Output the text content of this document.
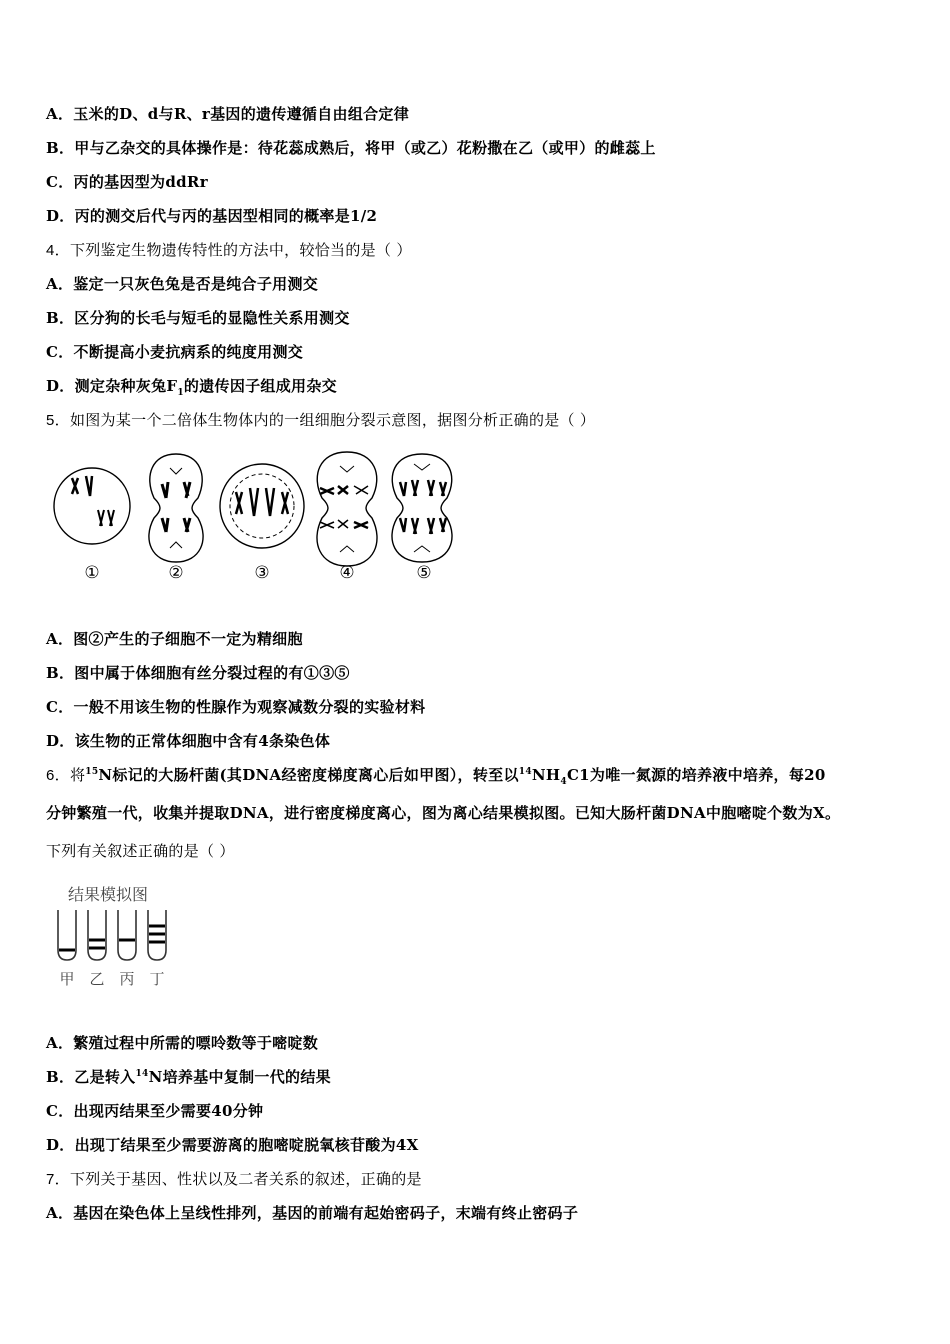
A．玉米的D、d与R、r基因的遗传遵循自由组合定律
B．甲与乙杂交的具体操作是：待花蕊成熟后，将甲（或乙）花粉撒在乙（或甲）的雌蕊上
C．丙的基因型为ddRr
D．丙的测交后代与丙的基因型相同的概率是1/2
4．下列鉴定生物遗传特性的方法中，较恰当的是（ ）
A．鉴定一只灰色兔是否是纯合子用测交
B．区分狗的长毛与短毛的显隐性关系用测交
C．不断提高小麦抗病系的纯度用测交
D．测定杂种灰兔$F_1$的遗传因子组成用杂交
5．如图为某一个二倍体生物体内的一组细胞分裂示意图，据图分析正确的是（ ）
①	②	③	④	⑤
A．图②产生的子细胞不一定为精细胞
B．图中属于体细胞有丝分裂过程的有①③⑤
C．一般不用该生物的性腺作为观察减数分裂的实验材料
D．该生物的正常体细胞中含有4条染色体
6．将$^{15}$N标记的大肠杆菌(其DNA经密度梯度离心后如甲图），转至以$^{14}NH_4C1$为唯一氮源的培养液中培养，每20
分钟繁殖一代，收集并提取DNA，进行密度梯度离心，图为离心结果模拟图。已知大肠杆菌DNA中胞嘧啶个数为X。
下列有关叙述正确的是（ ）
结果模拟图
甲 乙 丙 丁
A．繁殖过程中所需的嘌呤数等于嘧啶数
B．乙是转入$^{14}$N培养基中复制一代的结果
C．出现丙结果至少需要40分钟
D．出现丁结果至少需要游离的胞嘧啶脱氧核苷酸为4X
7．下列关于基因、性状以及二者关系的叙述，正确的是
A．基因在染色体上呈线性排列，基因的前端有起始密码子，末端有终止密码子
